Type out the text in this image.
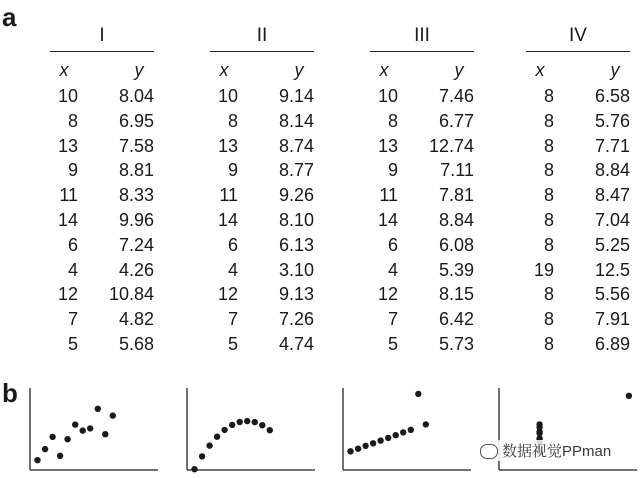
a
b
I
x	y
10 8.04
8 6.95
13 7.58
9 8.81
11 8.33
14 9.96
6 7.24
4 4.26
12 10.84
7 4.82
5 5.68
II
x	y
10 9.14
8 8.14
13 8.74
9 8.77
11 9.26
14 8.10
6 6.13
4 3.10
12 9.13
7 7.26
5 4.74
III
x	y
10 7.46
8 6.77
13 12.74
9 7.11
11 7.81
14 8.84
6 6.08
4 5.39
12 8.15
7 6.42
5 5.73
IV
x	y
8 6.58
8 5.76
8 7.71
8 8.84
8 8.47
8 7.04
8 5.25
19 12.5
8 5.56
8 7.91
8 6.89
数据视觉PPman
